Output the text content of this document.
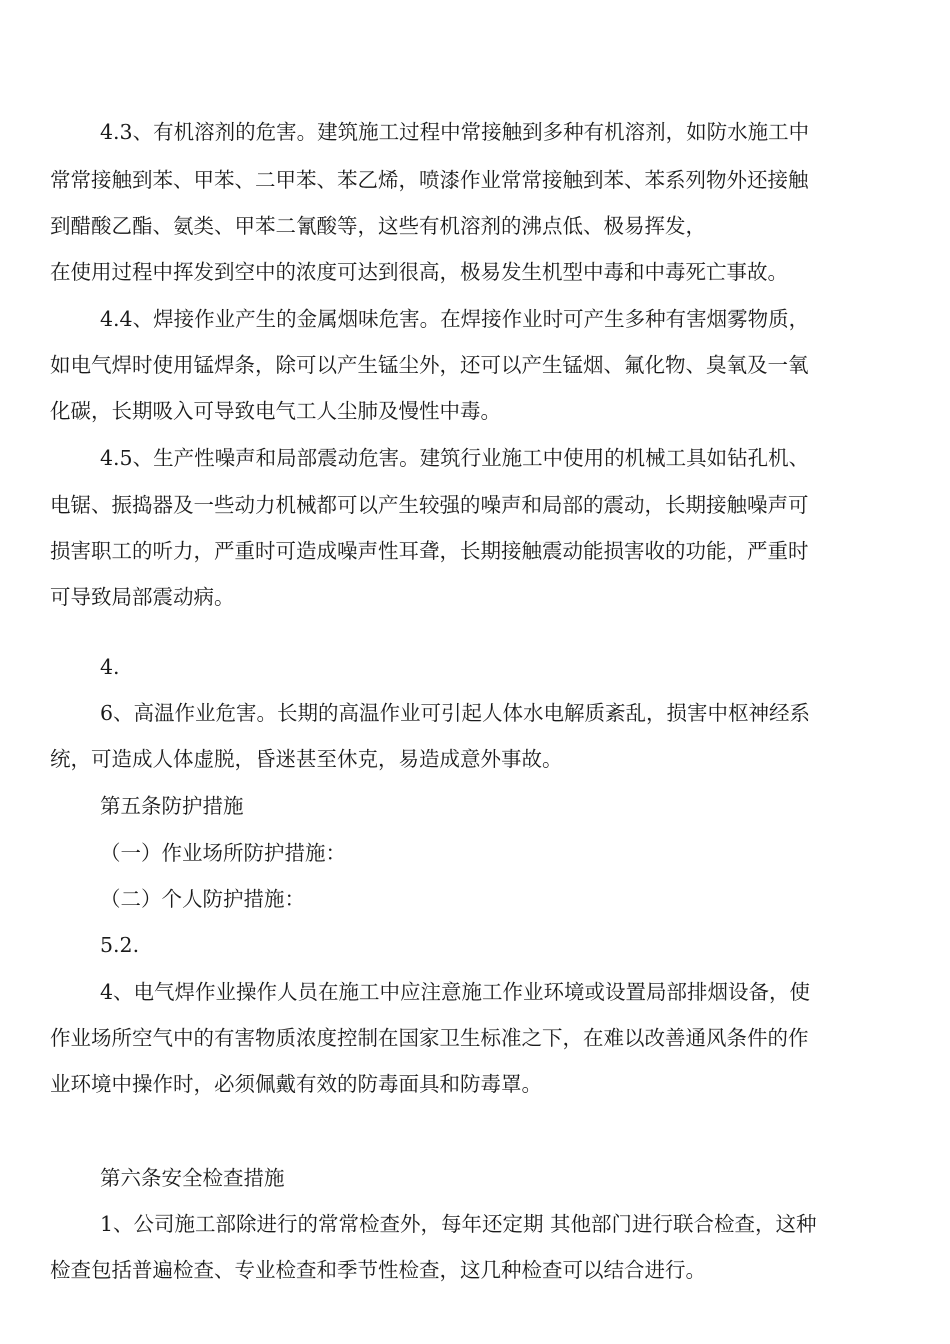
4.3、有机溶剂的危害。建筑施工过程中常接触到多种有机溶剂，如防水施工中
常常接触到苯、甲苯、二甲苯、苯乙烯，喷漆作业常常接触到苯、苯系列物外还接触
到醋酸乙酯、氨类、甲苯二氰酸等，这些有机溶剂的沸点低、极易挥发，
在使用过程中挥发到空中的浓度可达到很高，极易发生机型中毒和中毒死亡事故。
4.4、焊接作业产生的金属烟味危害。在焊接作业时可产生多种有害烟雾物质，
如电气焊时使用锰焊条，除可以产生锰尘外，还可以产生锰烟、氟化物、臭氧及一氧
化碳，长期吸入可导致电气工人尘肺及慢性中毒。
4.5、生产性噪声和局部震动危害。建筑行业施工中使用的机械工具如钻孔机、
电锯、振捣器及一些动力机械都可以产生较强的噪声和局部的震动，长期接触噪声可
损害职工的听力，严重时可造成噪声性耳聋，长期接触震动能损害收的功能，严重时
可导致局部震动病。
4.
6、高温作业危害。长期的高温作业可引起人体水电解质紊乱，损害中枢神经系
统，可造成人体虚脱，昏迷甚至休克，易造成意外事故。
第五条防护措施
（一）作业场所防护措施：
（二）个人防护措施：
5.2.
4、电气焊作业操作人员在施工中应注意施工作业环境或设置局部排烟设备，使
作业场所空气中的有害物质浓度控制在国家卫生标准之下，在难以改善通风条件的作
业环境中操作时，必须佩戴有效的防毒面具和防毒罩。
第六条安全检查措施
1、公司施工部除进行的常常检查外，每年还定期 其他部门进行联合检查，这种
检查包括普遍检查、专业检查和季节性检查，这几种检查可以结合进行。
